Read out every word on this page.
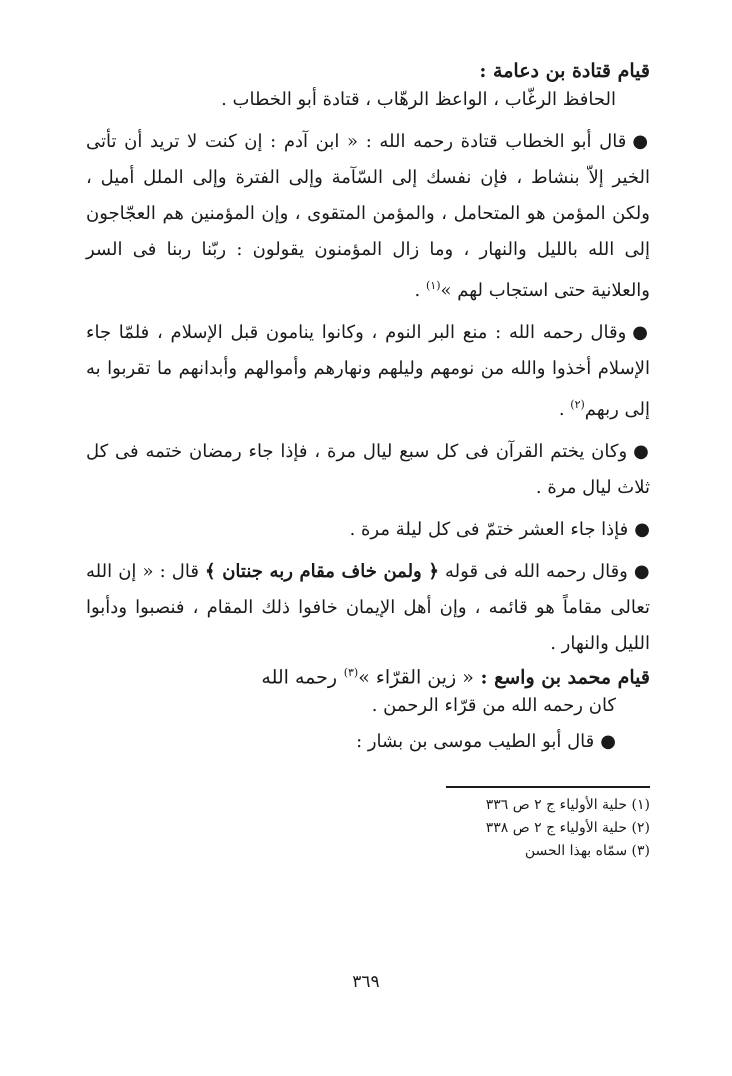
قيام قتادة بن دعامة :
الحافظ الرغّاب ، الواعظ الرهّاب ، قتادة أبو الخطاب .
●قال أبو الخطاب قتادة رحمه الله : « ابن آدم : إن كنت لا تريد أن تأتى الخير إلاّ بنشاط ، فإن نفسك إلى السّآمة وإلى الفترة وإلى الملل أميل ، ولكن المؤمن هو المتحامل ، والمؤمن المتقوى ، وإن المؤمنين هم العجّاجون إلى الله بالليل والنهار ، وما زال المؤمنون يقولون : ربّنا ربنا فى السر والعلانية حتى استجاب لهم »$^{(١)}$ .
●وقال رحمه الله : منع البر النوم ، وكانوا ينامون قبل الإسلام ، فلمّا جاء الإسلام أخذوا والله من نومهم وليلهم ونهارهم وأموالهم وأبدانهم ما تقربوا به إلى ربهم$^{(٢)}$ .
●وكان يختم القرآن فى كل سبع ليال مرة ، فإذا جاء رمضان ختمه فى كل ثلاث ليال مرة .
●فإذا جاء العشر ختمّ فى كل ليلة مرة .
●وقال رحمه الله فى قوله ﴿ ولمن خاف مقام ربه جنتان ﴾ قال : « إن الله تعالى مقاماً هو قائمه ، وإن أهل الإيمان خافوا ذلك المقام ، فنصبوا ودأبوا الليل والنهار .
قيام محمد بن واسع : « زين القرّاء »$^{(٣)}$ رحمه الله
كان رحمه الله من قرّاء الرحمن .
●قال أبو الطيب موسى بن بشار :
(١) حلية الأولياء ج ٢ ص ٣٣٦
(٢) حلية الأولياء ج ٢ ص ٣٣٨
(٣) سمّاه بهذا الحسن
٣٦٩
